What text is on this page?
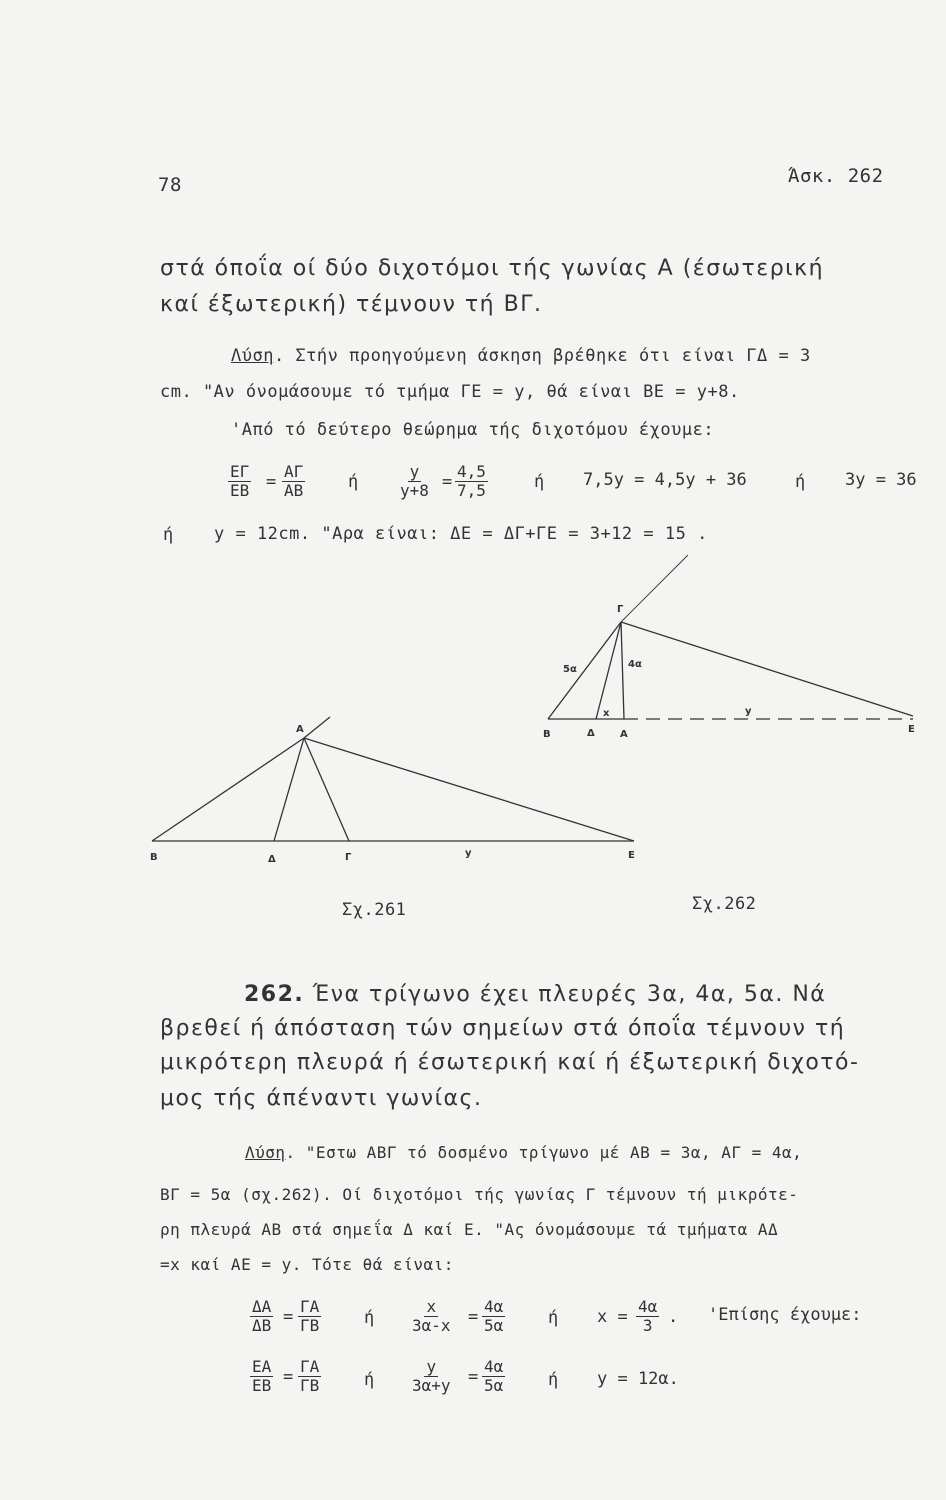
78	Άσκ. 262
στά όποΐα οί δύο διχοτόμοι τής γωνίας Α (έσωτερική
καί έξωτερική) τέμνουν τή ΒΓ.
Λύση. Στήν προηγούμενη άσκηση βρέθηκε ότι είναι ΓΔ = 3
cm. "Αν όνομάσουμε τό τμήμα ΓΕ = y, θά είναι ΒΕ = y+8.
'Από τό δεύτερο θεώρημα τής διχοτόμου έχουμε:
$\frac{E\Gamma}{EB} = \frac{A\Gamma}{AB}$	ή $\frac{y}{y+8} = \frac{4,5}{7,5}$	ή 7,5y = 4,5y + 36	ή 3y = 36
ή y = 12cm. "Αρα είναι: ΔΕ = ΔΓ+ΓΕ = 3+12 = 15 .
Β	Δ	Γ	y	Ε
Α
Γ
5α	4α
x	y
Β	Δ	Α	Ε
Σχ.261	Σχ.262
262. Ένα τρίγωνο έχει πλευρές 3α, 4α, 5α. Νά
βρεθεί ή άπόσταση τών σημείων στά όποΐα τέμνουν τή
μικρότερη πλευρά ή έσωτερική καί ή έξωτερική διχοτό-
μος τής άπέναντι γωνίας.
Λύση. "Εστω ΑΒΓ τό δοσμένο τρίγωνο μέ ΑΒ = 3α, ΑΓ = 4α,
ΒΓ = 5α (σχ.262). Οί διχοτόμοι τής γωνίας Γ τέμνουν τή μικρότε-
ρη πλευρά ΑΒ στά σημεΐα Δ καί Ε. "Ας όνομάσουμε τά τμήματα ΑΔ
=x καί ΑΕ = y. Τότε θά είναι:
$\frac{\Delta A}{\Delta B} = \frac{\Gamma A}{\Gamma B}$	ή $\frac{x}{3\alpha-x} = \frac{4\alpha}{5\alpha}$	ή $x = \frac{4\alpha}{3}$ . 'Επίσης έχουμε:
$\frac{EA}{EB} = \frac{\Gamma A}{\Gamma B}$	ή $\frac{y}{3\alpha+y} = \frac{4\alpha}{5\alpha}$	ή y = 12α.
